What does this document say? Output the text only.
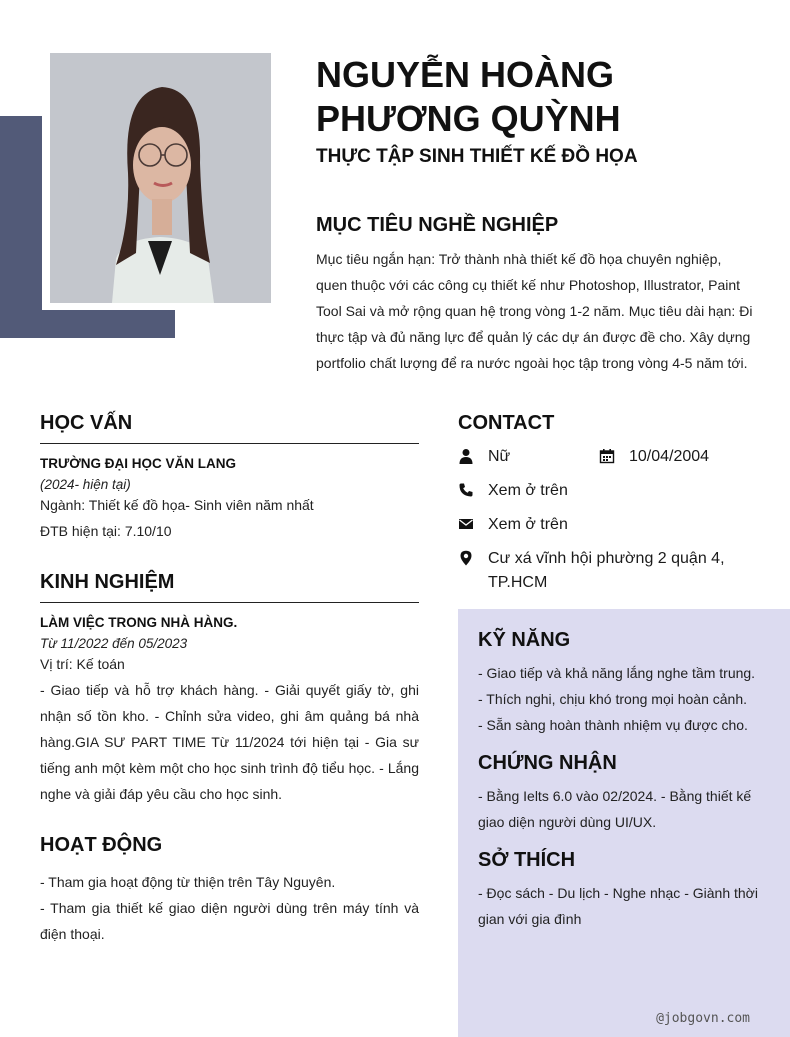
NGUYỄN HOÀNG PHƯƠNG QUỲNH
THỰC TẬP SINH THIẾT KẾ ĐỒ HỌA
MỤC TIÊU NGHỀ NGHIỆP

Mục tiêu ngắn hạn: Trở thành nhà thiết kế đồ họa chuyên nghiệp, quen thuộc với các công cụ thiết kế như Photoshop, Illustrator, Paint Tool Sai và mở rộng quan hệ trong vòng 1-2 năm. Mục tiêu dài hạn: Đi thực tập và đủ năng lực để quản lý các dự án được đề cho. Xây dựng portfolio chất lượng để ra nước ngoài học tập trong vòng 4-5 năm tới.

HỌC VẤN

TRƯỜNG ĐẠI HỌC VĂN LANG

(2024- hiện tại)

Ngành: Thiết kế đồ họa- Sinh viên năm nhất

ĐTB hiện tại: 7.10/10

KINH NGHIỆM

LÀM VIỆC TRONG NHÀ HÀNG.

Từ 11/2022 đến 05/2023

Vị trí: Kế toán

- Giao tiếp và hỗ trợ khách hàng. - Giải quyết giấy tờ, ghi nhận số tồn kho. - Chỉnh sửa video, ghi âm quảng bá nhà hàng.GIA SƯ PART TIME Từ 11/2024 tới hiện tại - Gia sư tiếng anh một kèm một cho học sinh trình độ tiểu học. - Lắng nghe và giải đáp yêu cầu cho học sinh.

HOẠT ĐỘNG

- Tham gia hoạt động từ thiện trên Tây Nguyên.

- Tham gia thiết kế giao diện người dùng trên máy tính và điện thoại.

CONTACT
Nữ	10/04/2004
Xem ở trên
Xem ở trên
Cư xá vĩnh hội phường 2 quận 4, TP.HCM
KỸ NĂNG

- Giao tiếp và khả năng lắng nghe tầm trung.

- Thích nghi, chịu khó trong mọi hoàn cảnh.

- Sẵn sàng hoàn thành nhiệm vụ được cho.

CHỨNG NHẬN

- Bằng Ielts 6.0 vào 02/2024. - Bằng thiết kế giao diện người dùng UI/UX.

SỞ THÍCH

- Đọc sách - Du lịch - Nghe nhạc - Giành thời gian với gia đình

@jobgovn.com
